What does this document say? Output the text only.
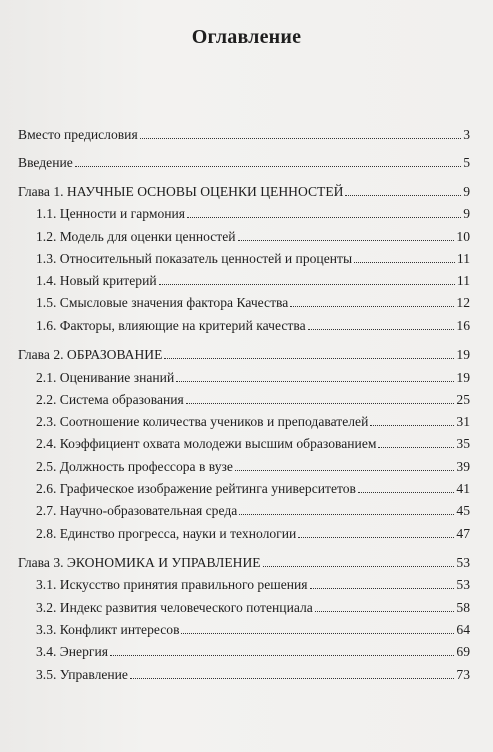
Оглавление
Вместо предисловия	3
Введение	5
Глава 1. НАУЧНЫЕ ОСНОВЫ ОЦЕНКИ ЦЕННОСТЕЙ	9
1.1. Ценности и гармония	9
1.2. Модель для оценки ценностей	10
1.3. Относительный показатель ценностей и проценты	11
1.4. Новый критерий	11
1.5. Смысловые значения фактора Качества	12
1.6. Факторы, влияющие на критерий качества	16
Глава 2. ОБРАЗОВАНИЕ	19
2.1. Оценивание знаний	19
2.2. Система образования	25
2.3. Соотношение количества учеников и преподавателей	31
2.4. Коэффициент охвата молодежи высшим образованием	35
2.5. Должность профессора в вузе	39
2.6. Графическое изображение рейтинга университетов	41
2.7. Научно-образовательная среда	45
2.8. Единство прогресса, науки и технологии	47
Глава 3. ЭКОНОМИКА И УПРАВЛЕНИЕ	53
3.1. Искусство принятия правильного решения	53
3.2. Индекс развития человеческого потенциала	58
3.3. Конфликт интересов	64
3.4. Энергия	69
3.5. Управление	73
